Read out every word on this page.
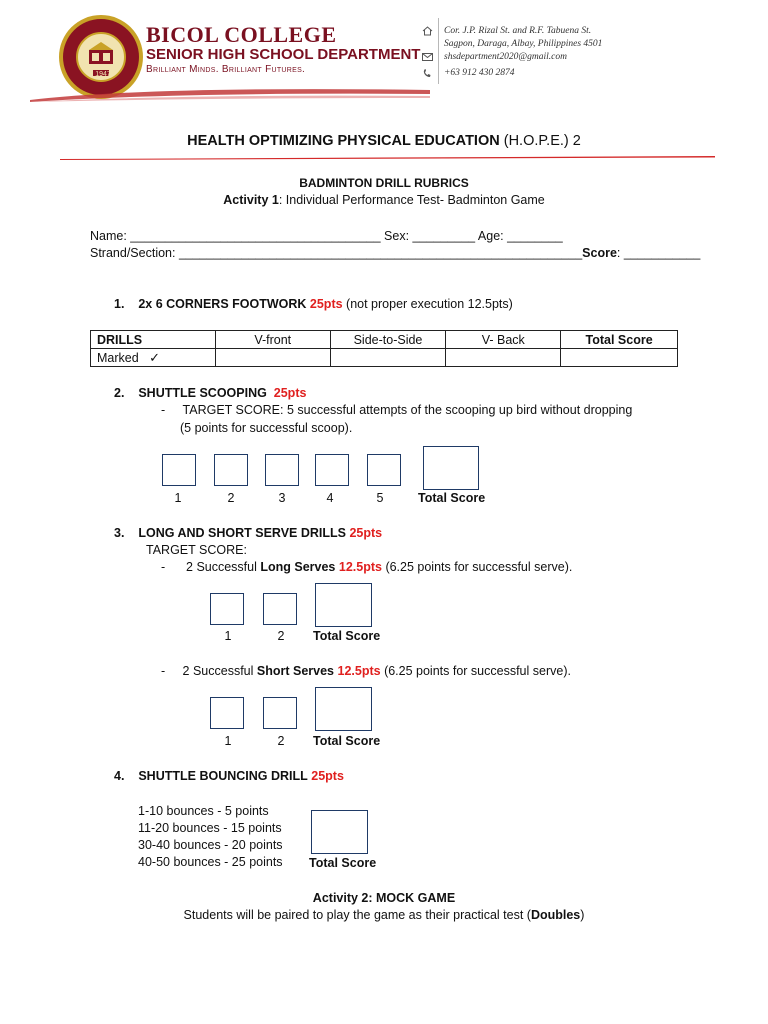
1947
BICOL COLLEGE
SENIOR HIGH SCHOOL DEPARTMENT
Brilliant Minds. Brilliant Futures.
Cor. J.P. Rizal St. and R.F. Tabuena St.
Sagpon, Daraga, Albay, Philippines 4501
shsdepartment2020@gmail.com
+63 912 430 2874
HEALTH OPTIMIZING PHYSICAL EDUCATION (H.O.P.E.) 2
BADMINTON DRILL RUBRICS
Activity 1: Individual Performance Test- Badminton Game
Name: ____________________________________ Sex: _________ Age: ________
Strand/Section: __________________________________________________________Score: ___________
1. 2x 6 CORNERS FOOTWORK 25pts (not proper execution 12.5pts)
DRILLS	V-front	Side-to-Side	V- Back	Total Score
Marked ✓				
2. SHUTTLE SCOOPING 25pts
- TARGET SCORE: 5 successful attempts of the scooping up bird without dropping
(5 points for successful scoop).
1	2	3	4	5	Total Score
3. LONG AND SHORT SERVE DRILLS 25pts
TARGET SCORE:
- 2 Successful Long Serves 12.5pts (6.25 points for successful serve).
1	2	Total Score
- 2 Successful Short Serves 12.5pts (6.25 points for successful serve).
1	2	Total Score
4. SHUTTLE BOUNCING DRILL 25pts
1-10 bounces - 5 points
11-20 bounces - 15 points
30-40 bounces - 20 points
40-50 bounces - 25 points Total Score
Activity 2: MOCK GAME
Students will be paired to play the game as their practical test (Doubles)
